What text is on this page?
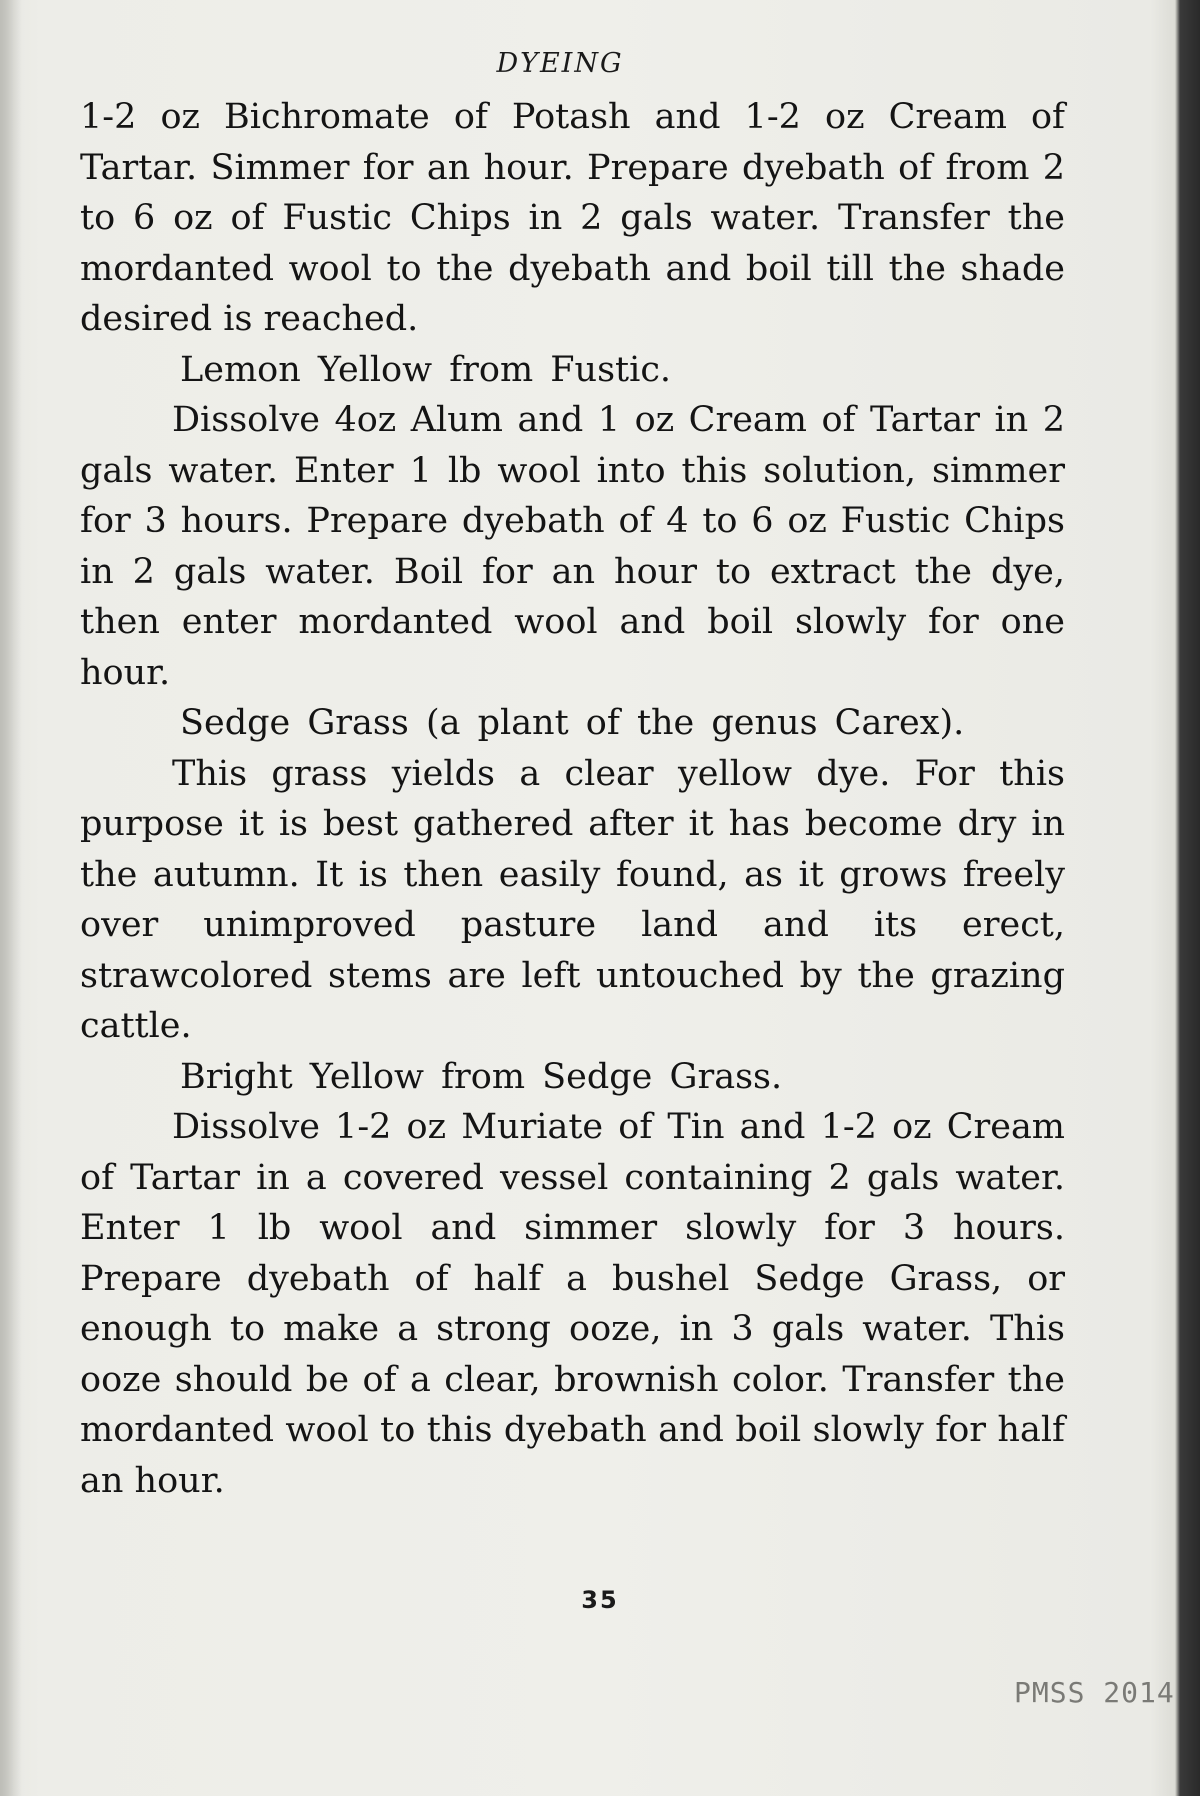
DYEING

1-2 oz Bichromate of Potash and 1-2 oz Cream of Tartar. Simmer for an hour. Prepare dyebath of from 2 to 6 oz of Fustic Chips in 2 gals water. Transfer the mordanted wool to the dyebath and boil till the shade desired is reached.

Lemon Yellow from Fustic.

Dissolve 4oz Alum and 1 oz Cream of Tartar in 2 gals water. Enter 1 lb wool into this solution, simmer for 3 hours. Prepare dyebath of 4 to 6 oz Fustic Chips in 2 gals water. Boil for an hour to extract the dye, then enter mordanted wool and boil slowly for one hour.

Sedge Grass (a plant of the genus Carex).

This grass yields a clear yellow dye. For this purpose it is best gathered after it has become dry in the autumn. It is then easily found, as it grows freely over unimproved pasture land and its erect, strawcolored stems are left untouched by the grazing cattle.

Bright Yellow from Sedge Grass.

Dissolve 1-2 oz Muriate of Tin and 1-2 oz Cream of Tartar in a covered vessel containing 2 gals water. Enter 1 lb wool and simmer slowly for 3 hours. Prepare dyebath of half a bushel Sedge Grass, or enough to make a strong ooze, in 3 gals water. This ooze should be of a clear, brownish color. Transfer the mordanted wool to this dyebath and boil slowly for half an hour.

35
PMSS 2014
